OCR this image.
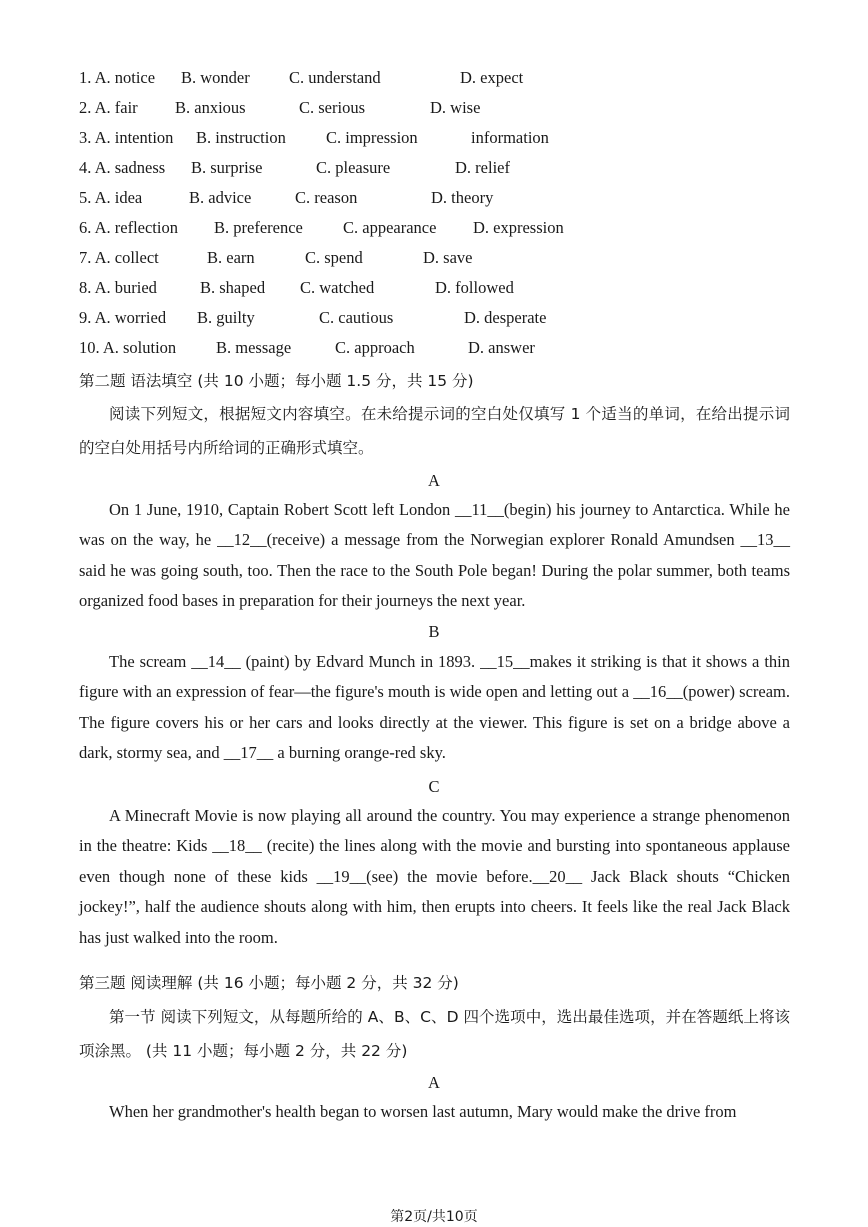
1. A. notice B. wonder C. understand	D. expect
2. A. fair B. anxious	C. serious	D. wise
3. A. intention B. instruction C. impression	information
4. A. sadness B. surprise	C. pleasure	D. relief
5. A. idea	B. advice	C. reason	D. theory
6. A. reflection B. preference C. appearance D. expression
7. A. collect	B. earn	C. spend	D. save
8. A. buried	B. shaped C. watched	D. followed
9. A. worried B. guilty	C. cautious	D. desperate
10. A. solution B. message	C. approach	D. answer
第二题 语法填空 (共 10 小题；每小题 1.5 分，共 15 分)

阅读下列短文，根据短文内容填空。在未给提示词的空白处仅填写 1 个适当的单词，在给出提示词的空白处用括号内所给词的正确形式填空。

A

On 1 June, 1910, Captain Robert Scott left London __11__(begin) his journey to Antarctica. While he was on the way, he __12__(receive) a message from the Norwegian explorer Ronald Amundsen __13__ said he was going south, too. Then the race to the South Pole began! During the polar summer, both teams organized food bases in preparation for their journeys the next year.

B

The scream __14__ (paint) by Edvard Munch in 1893. __15__makes it striking is that it shows a thin figure with an expression of fear—the figure's mouth is wide open and letting out a __16__(power) scream. The figure covers his or her cars and looks directly at the viewer. This figure is set on a bridge above a dark, stormy sea, and __17__ a burning orange-red sky.

C

A Minecraft Movie is now playing all around the country. You may experience a strange phenomenon in the theatre: Kids __18__ (recite) the lines along with the movie and bursting into spontaneous applause even though none of these kids __19__(see) the movie before.__20__ Jack Black shouts “Chicken jockey!”, half the audience shouts along with him, then erupts into cheers. It feels like the real Jack Black has just walked into the room.

第三题 阅读理解 (共 16 小题；每小题 2 分，共 32 分)

第一节 阅读下列短文，从每题所给的 A、B、C、D 四个选项中，选出最佳选项，并在答题纸上将该项涂黑。 (共 11 小题；每小题 2 分，共 22 分)

A

When her grandmother's health began to worsen last autumn, Mary would make the drive from

第2页/共10页
